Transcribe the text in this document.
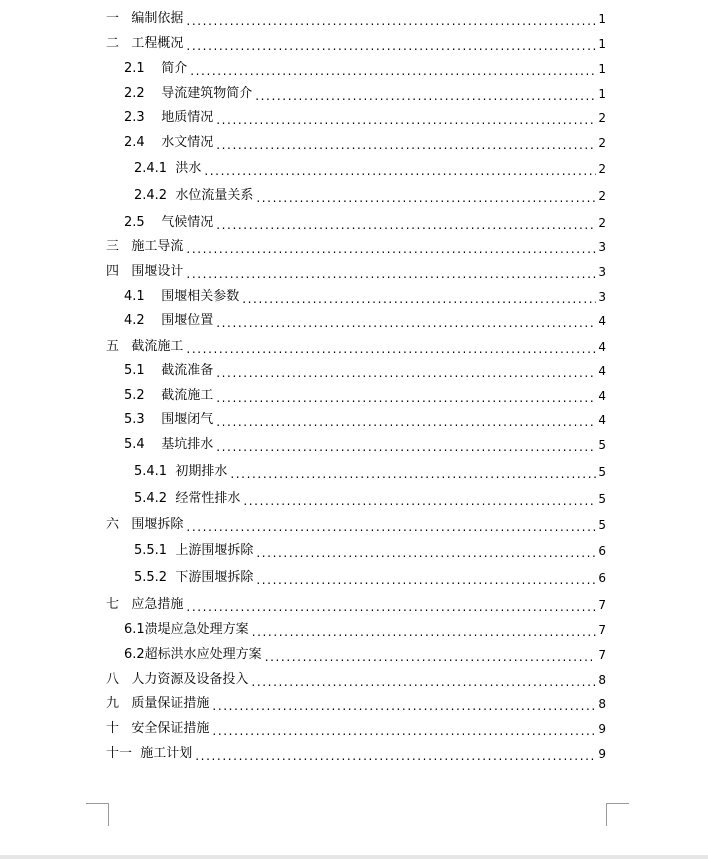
一   编制依据 .....	1
二   工程概况 .....	1
2.1    简介 .....	1
2.2    导流建筑物简介 .....	1
2.3    地质情况 .....	2
2.4    水文情况 .....	2
2.4.1  洪水 .....	2
2.4.2  水位流量关系 .....	2
2.5    气候情况 .....	2
三   施工导流 .....	3
四   围堰设计 .....	3
4.1    围堰相关参数 .....	3
4.2    围堰位置 .....	4
五   截流施工 .....	4
5.1    截流准备 .....	4
5.2    截流施工 .....	4
5.3    围堰闭气 .....	4
5.4    基坑排水 .....	5
5.4.1  初期排水 .....	5
5.4.2  经常性排水 .....	5
六   围堰拆除 .....	5
5.5.1  上游围堰拆除 .....	6
5.5.2  下游围堰拆除 .....	6
七   应急措施 .....	7
6.1溃堤应急处理方案 .....	7
6.2超标洪水应处理方案 .....	7
八   人力资源及设备投入 .....	8
九   质量保证措施 .....	8
十   安全保证措施 .....	9
十一  施工计划 .....	9
